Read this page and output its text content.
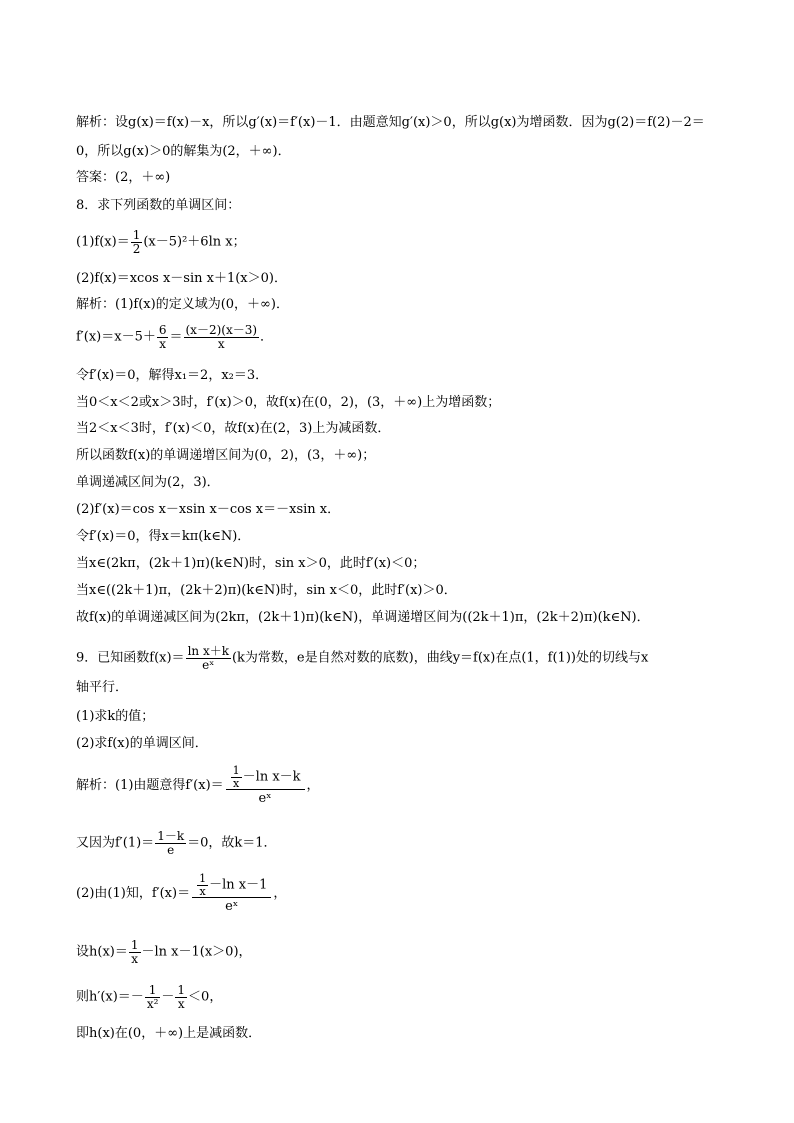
解析：设g(x)＝f(x)－x，所以g′(x)＝f′(x)－1．由题意知g′(x)＞0，所以g(x)为增函数．因为g(2)＝f(2)－2＝
0，所以g(x)＞0的解集为(2，＋∞)．
答案：(2，＋∞)
8．求下列函数的单调区间：
$(1)f(x)= \frac{1}{2} (x-5)^2+6\ln$ x；
(2)f(x)＝xcos x－sin x＋1(x＞0)．
解析：(1)f(x)的定义域为(0，＋∞)．
$f'(x)=x-5+ \frac{6}{x} = \frac{(x-2)(x-3)}{x}$ ．
令f′(x)＝0，解得x₁＝2，x₂＝3．
当0＜x＜2或x＞3时，f′(x)＞0，故f(x)在(0，2)，(3，＋∞)上为增函数；
当2＜x＜3时，f′(x)＜0，故f(x)在(2，3)上为减函数．
所以函数f(x)的单调递增区间为(0，2)，(3，＋∞)；
单调递减区间为(2，3)．
(2)f′(x)＝cos x－xsin x－cos x＝－xsin x．
令f′(x)＝0，得x＝kπ(k∈N)．
当x∈(2kπ，(2k＋1)π)(k∈N)时，sin x＞0，此时f′(x)＜0；
当x∈((2k＋1)π，(2k＋2)π)(k∈N)时，sin x＜0，此时f′(x)＞0．
故f(x)的单调递减区间为(2kπ，(2k＋1)π)(k∈N)，单调递增区间为((2k＋1)π，(2k＋2)π)(k∈N)．
9．已知函数$f(x)= \frac{\text{ln x＋k}}{\text{eˣ}} (k$为常数，e是自然对数的底数)，曲线y＝f(x)在点(1，f(1))处的切线与x
轴平行．
(1)求k的值；
(2)求f(x)的单调区间．
解析：(1)由题意得$f'(x)= \frac{\frac{1}{x} -\ln x-k}{\text{eˣ}}$ ，
又因为$f'(1)= \frac{1-k}{e} =0$，故k＝1．
(2)由(1)知，$f'(x)= \frac{\frac{1}{x} -\ln x-1}{\text{eˣ}}$ ，
设$h(x)= \frac{1}{x} -\ln$ x－1(x＞0)，
则$h'(x)=- \frac{1}{\text{x²}} - \frac{1}{x} <0$，
即h(x)在(0，＋∞)上是减函数．
